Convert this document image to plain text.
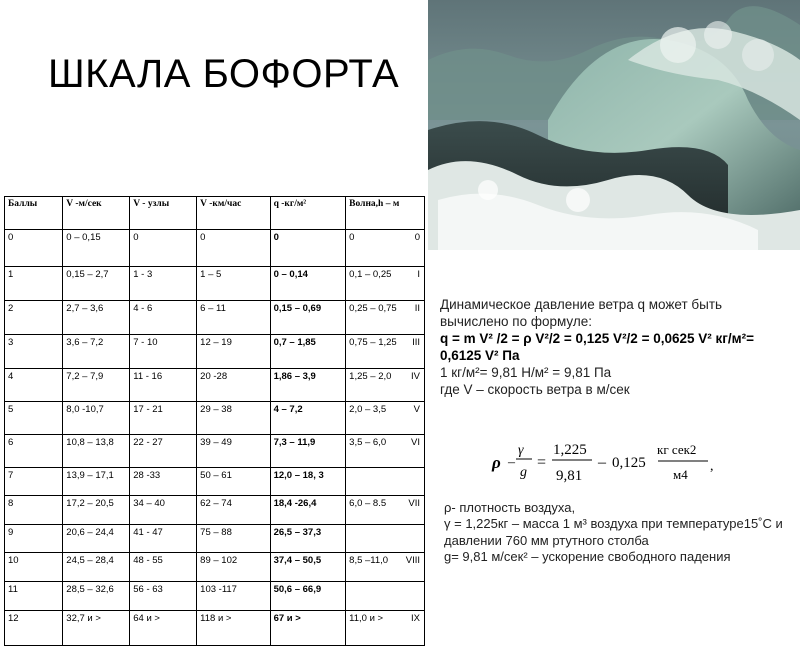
ШКАЛА БОФОРТА
Баллы	V -м/сек	V - узлы	V -км/час	q -кг/м²	Волна,h – м
0	0 – 0,15	0	0	0	0 0

1	0,15 – 2,7	1 - 3	1 – 5	0 – 0,14	0,1 – 0,25 I

2	2,7 – 3,6	4 - 6	6 – 11	0,15 – 0,69	0,25 – 0,75 II

3	3,6 – 7,2	7 - 10	12 – 19	0,7 – 1,85	0,75 – 1,25 III

4	7,2 – 7,9	11 - 16	20 -28	1,86 – 3,9	1,25 – 2,0 IV

5	8,0 -10,7	17 - 21	29 – 38	4 – 7,2	2,0 – 3,5 V

6	10,8 – 13,8	22 - 27	39 – 49	7,3 – 11,9	3,5 – 6,0 VI

7	13,9 – 17,1	28 -33	50 – 61	12,0 – 18, 3	

8	17,2 – 20,5	34 – 40	62 – 74	18,4 -26,4	6,0 – 8.5 VII

9	20,6 – 24,4	41 - 47	75 – 88	26,5 – 37,3	

10	24,5 – 28,4	48 - 55	89 – 102	37,4 – 50,5	8,5 –11,0 VIII

11	28,5 – 32,6	56 - 63	103 -117	50,6 – 66,9	

12	32,7 и >	64 и >	118 и >	67 и >	11,0 и > IX

Динамическое давление ветра q может быть вычислено по формуле:

q = m V² /2 = ρ V²/2 = 0,125 V²/2 = 0,0625 V² кг/м²= 0,6125 V² Па

1 кг/м²= 9,81 Н/м² = 9,81 Па

где V – скорость ветра в м/сек

ρ –
γ
g
=
1,225
9,81
– 0,125
кг сек2
м4
,

ρ- плотность воздуха,

γ = 1,225кг – масса 1 м³ воздуха при температуре15˚С и давлении 760 мм ртутного столба

g= 9,81 м/сек² – ускорение свободного падения
